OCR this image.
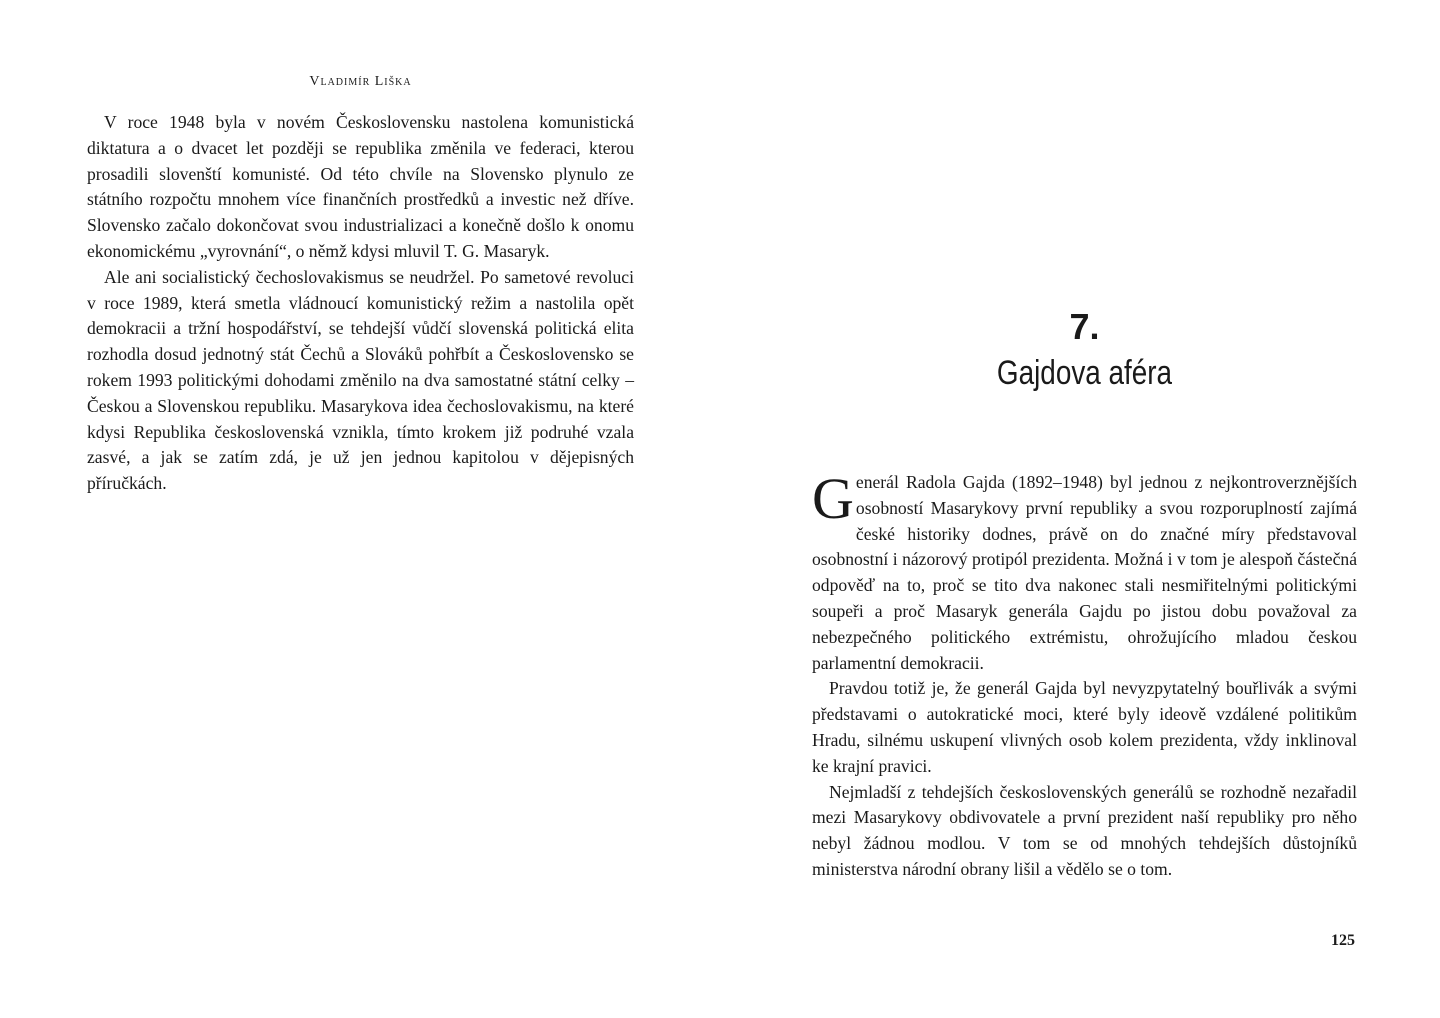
Vladimír Liška

V roce 1948 byla v novém Československu nastolena komunistická diktatura a o dvacet let později se republika změnila ve federaci, kterou prosadili slovenští komunisté. Od této chvíle na Slovensko plynulo ze státního rozpočtu mnohem více finančních prostředků a investic než dříve. Slovensko začalo dokončovat svou industrializaci a konečně došlo k onomu ekonomickému „vyrovnání“, o němž kdysi mluvil T. G. Masaryk.

Ale ani socialistický čechoslovakismus se neudržel. Po sametové revoluci v roce 1989, která smetla vládnoucí komunistický režim a nastolila opět demokracii a tržní hospodářství, se tehdejší vůdčí slovenská politická elita rozhodla dosud jednotný stát Čechů a Slováků pohřbít a Československo se rokem 1993 politickými dohodami změnilo na dva samostatné státní celky – Českou a Slovenskou republiku. Masarykova idea čechoslovakismu, na které kdysi Republika československá vznikla, tímto krokem již podruhé vzala zasvé, a jak se zatím zdá, je už jen jednou kapitolou v dějepisných příručkách.

7.
Gajdova aféra

Generál Radola Gajda (1892–1948) byl jednou z nejkontroverznějších osobností Masarykovy první republiky a svou rozporuplností zajímá české historiky dodnes, právě on do značné míry představoval osobnostní i názorový protipól prezidenta. Možná i v tom je alespoň částečná odpověď na to, proč se tito dva nakonec stali nesmiřitelnými politickými soupeři a proč Masaryk generála Gajdu po jistou dobu považoval za nebezpečného politického extrémistu, ohrožujícího mladou českou parlamentní demokracii.

Pravdou totiž je, že generál Gajda byl nevyzpytatelný bouřlivák a svými představami o autokratické moci, které byly ideově vzdálené politikům Hradu, silnému uskupení vlivných osob kolem prezidenta, vždy inklinoval ke krajní pravici.

Nejmladší z tehdejších československých generálů se rozhodně nezařadil mezi Masarykovy obdivovatele a první prezident naší republiky pro něho nebyl žádnou modlou. V tom se od mnohých tehdejších důstojníků ministerstva národní obrany lišil a vědělo se o tom.

125
